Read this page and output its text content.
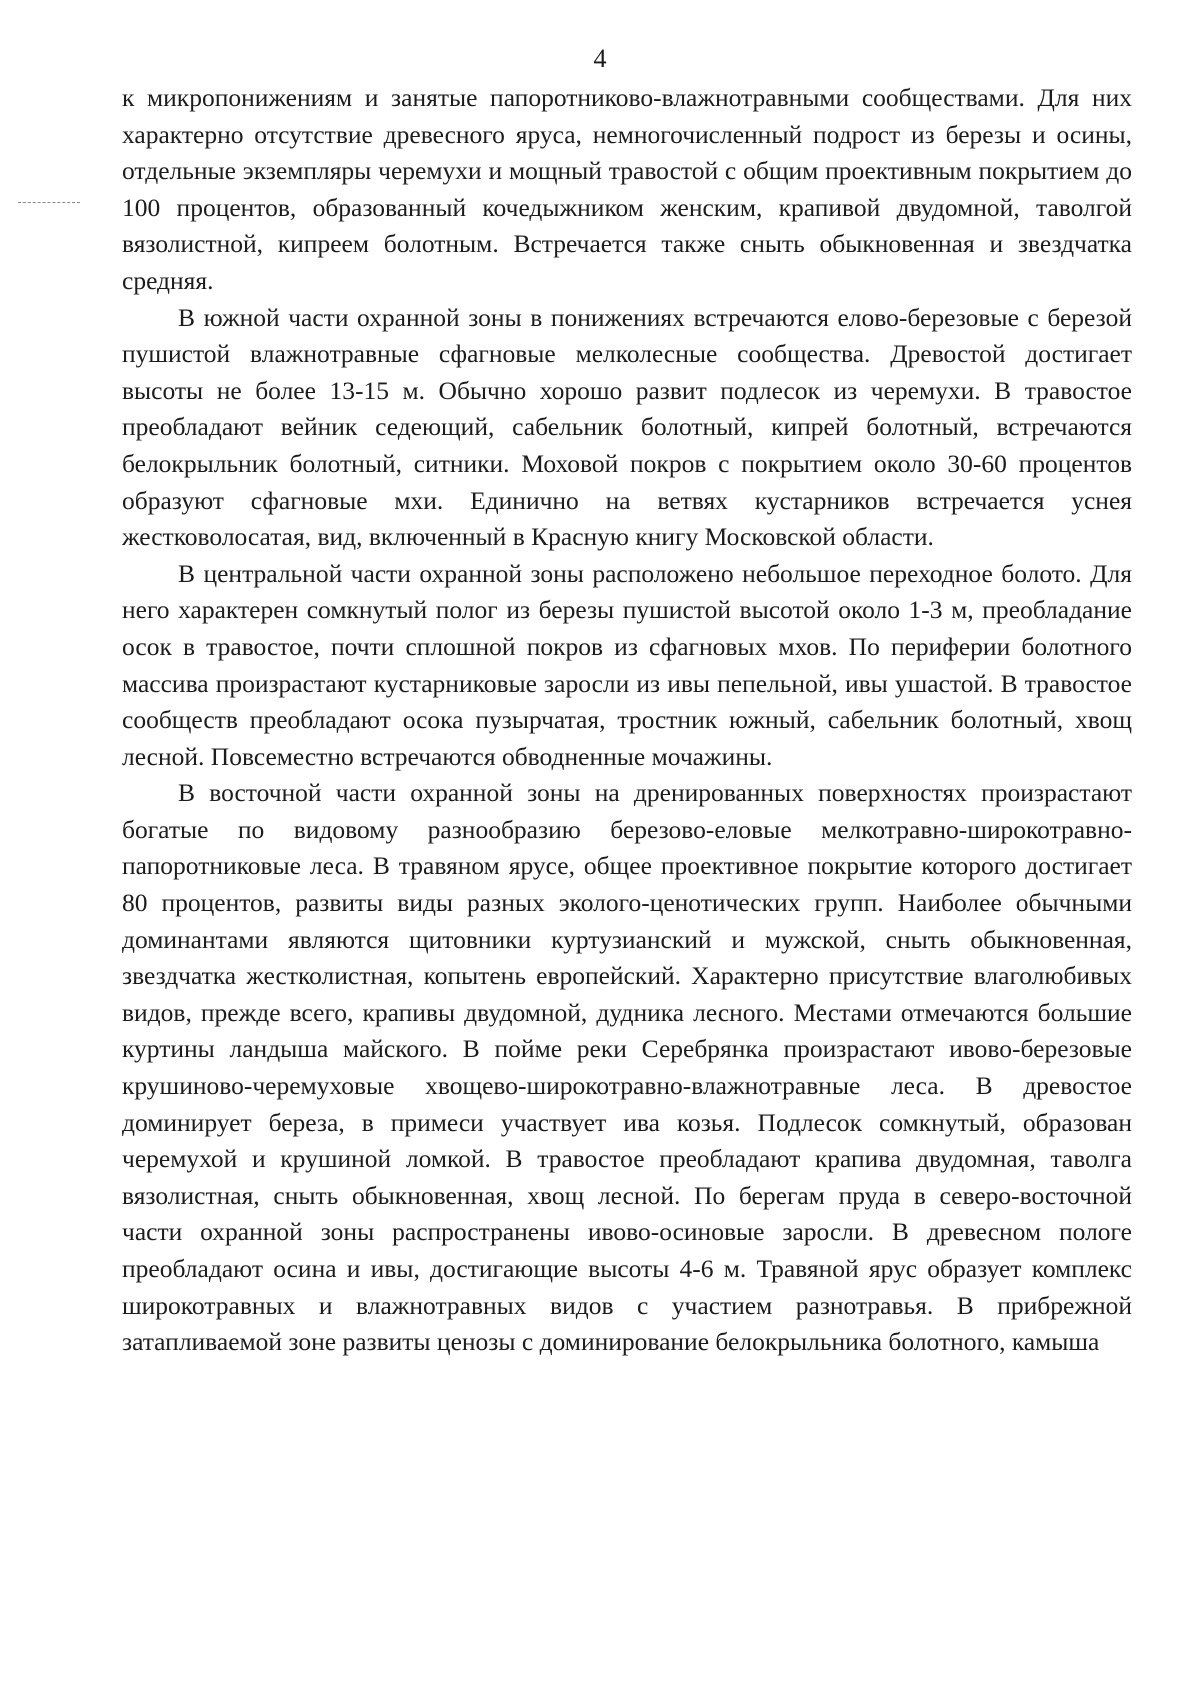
4

к микропонижениям и занятые папоротниково-влажнотравными сообществами. Для них характерно отсутствие древесного яруса, немногочисленный подрост из березы и осины, отдельные экземпляры черемухи и мощный травостой с общим проективным покрытием до 100 процентов, образованный кочедыжником женским, крапивой двудомной, таволгой вязолистной, кипреем болотным. Встречается также сныть обыкновенная и звездчатка средняя.

В южной части охранной зоны в понижениях встречаются елово-березовые с березой пушистой влажнотравные сфагновые мелколесные сообщества. Древостой достигает высоты не более 13-15 м. Обычно хорошо развит подлесок из черемухи. В травостое преобладают вейник седеющий, сабельник болотный, кипрей болотный, встречаются белокрыльник болотный, ситники. Моховой покров с покрытием около 30-60 процентов образуют сфагновые мхи. Единично на ветвях кустарников встречается уснея жестковолосатая, вид, включенный в Красную книгу Московской области.

В центральной части охранной зоны расположено небольшое переходное болото. Для него характерен сомкнутый полог из березы пушистой высотой около 1-3 м, преобладание осок в травостое, почти сплошной покров из сфагновых мхов. По периферии болотного массива произрастают кустарниковые заросли из ивы пепельной, ивы ушастой. В травостое сообществ преобладают осока пузырчатая, тростник южный, сабельник болотный, хвощ лесной. Повсеместно встречаются обводненные мочажины.

В восточной части охранной зоны на дренированных поверхностях произрастают богатые по видовому разнообразию березово-еловые мелкотравно-широкотравно-папоротниковые леса. В травяном ярусе, общее проективное покрытие которого достигает 80 процентов, развиты виды разных эколого-ценотических групп. Наиболее обычными доминантами являются щитовники куртузианский и мужской, сныть обыкновенная, звездчатка жестколистная, копытень европейский. Характерно присутствие влаголюбивых видов, прежде всего, крапивы двудомной, дудника лесного. Местами отмечаются большие куртины ландыша майского. В пойме реки Серебрянка произрастают ивово-березовые крушиново-черемуховые хвощево-широкотравно-влажнотравные леса. В древостое доминирует береза, в примеси участвует ива козья. Подлесок сомкнутый, образован черемухой и крушиной ломкой. В травостое преобладают крапива двудомная, таволга вязолистная, сныть обыкновенная, хвощ лесной. По берегам пруда в северо-восточной части охранной зоны распространены ивово-осиновые заросли. В древесном пологе преобладают осина и ивы, достигающие высоты 4-6 м. Травяной ярус образует комплекс широкотравных и влажнотравных видов с участием разнотравья. В прибрежной затапливаемой зоне развиты ценозы с доминирование белокрыльника болотного, камыша
